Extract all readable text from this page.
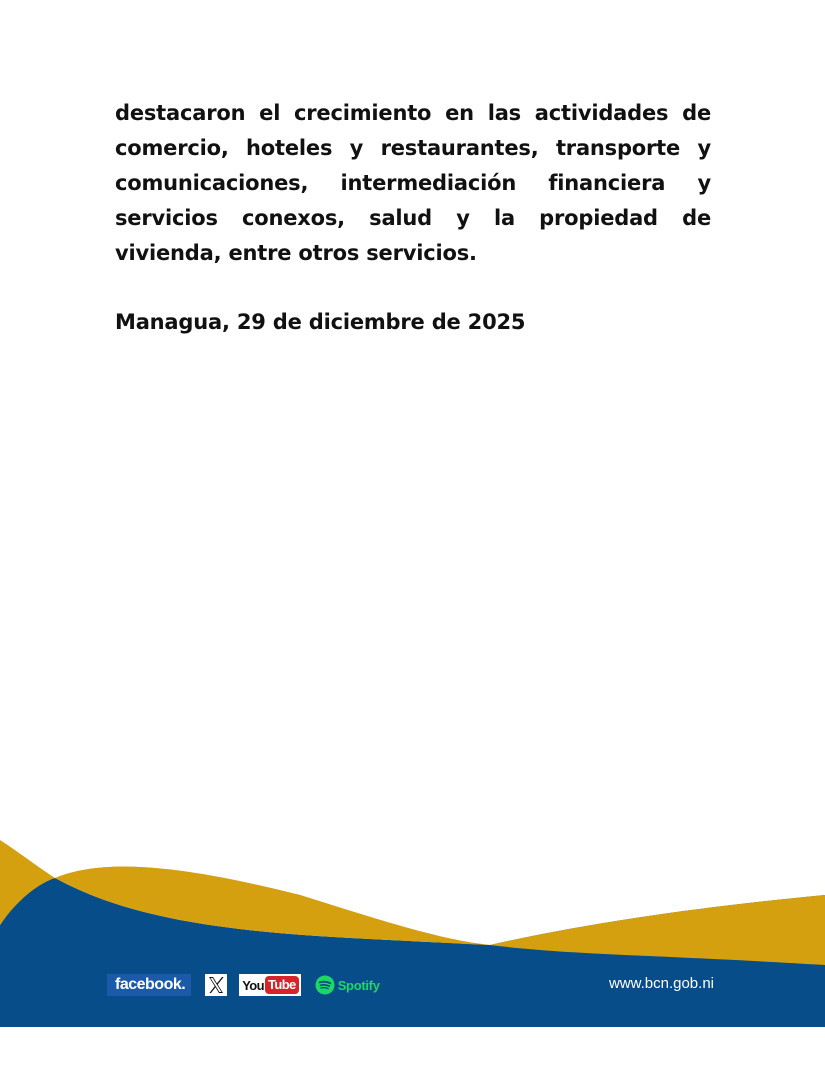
destacaron el crecimiento en las actividades de comercio, hoteles y restaurantes, transporte y comunicaciones, intermediación financiera y servicios conexos, salud y la propiedad de vivienda, entre otros servicios.

Managua, 29 de diciembre de 2025

facebook.	You Tube	Spotify	www.bcn.gob.ni
